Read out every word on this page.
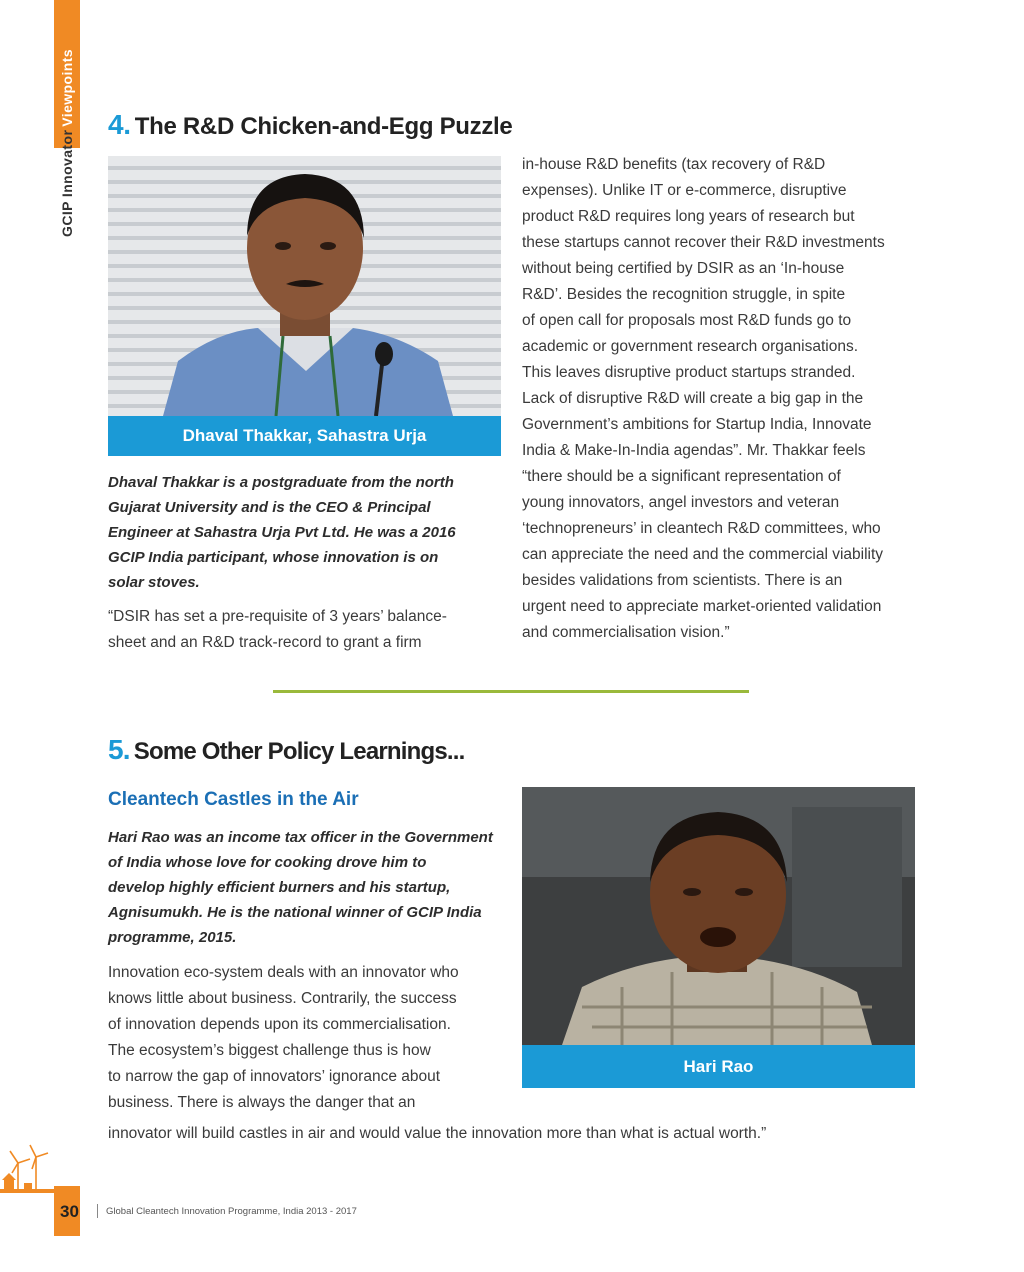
GCIP InnovatorViewpoints 4. The R&D Chicken-and-Egg Puzzle
Dhaval Thakkar, Sahastra Urja
Dhaval Thakkar is a postgraduate from the north
Gujarat University and is the CEO & Principal
Engineer at Sahastra Urja Pvt Ltd. He was a 2016
GCIP India participant, whose innovation is on
solar stoves.
“DSIR has set a pre-requisite of 3 years’ balance-
sheet and an R&D track-record to grant a firm
in-house R&D benefits (tax recovery of R&D
expenses). Unlike IT or e-commerce, disruptive
product R&D requires long years of research but
these startups cannot recover their R&D investments
without being certified by DSIR as an ‘In-house
R&D’. Besides the recognition struggle, in spite
of open call for proposals most R&D funds go to
academic or government research organisations.
This leaves disruptive product startups stranded.
Lack of disruptive R&D will create a big gap in the
Government’s ambitions for Startup India, Innovate
India & Make-In-India agendas”. Mr. Thakkar feels
“there should be a significant representation of
young innovators, angel investors and veteran
‘technopreneurs’ in cleantech R&D committees, who
can appreciate the need and the commercial viability
besides validations from scientists. There is an
urgent need to appreciate market-oriented validation
and commercialisation vision.”
5. Some Other Policy Learnings...
Cleantech Castles in the Air
Hari Rao was an income tax officer in the Government
of India whose love for cooking drove him to
develop highly efficient burners and his startup,
Agnisumukh. He is the national winner of GCIP India
programme, 2015.
Innovation eco-system deals with an innovator who
knows little about business. Contrarily, the success
of innovation depends upon its commercialisation.
The ecosystem’s biggest challenge thus is how
to narrow the gap of innovators’ ignorance about
business. There is always the danger that an
innovator will build castles in air and would value the innovation more than what is actual worth.”
Hari Rao
30	Global Cleantech Innovation Programme, India 2013 - 2017
